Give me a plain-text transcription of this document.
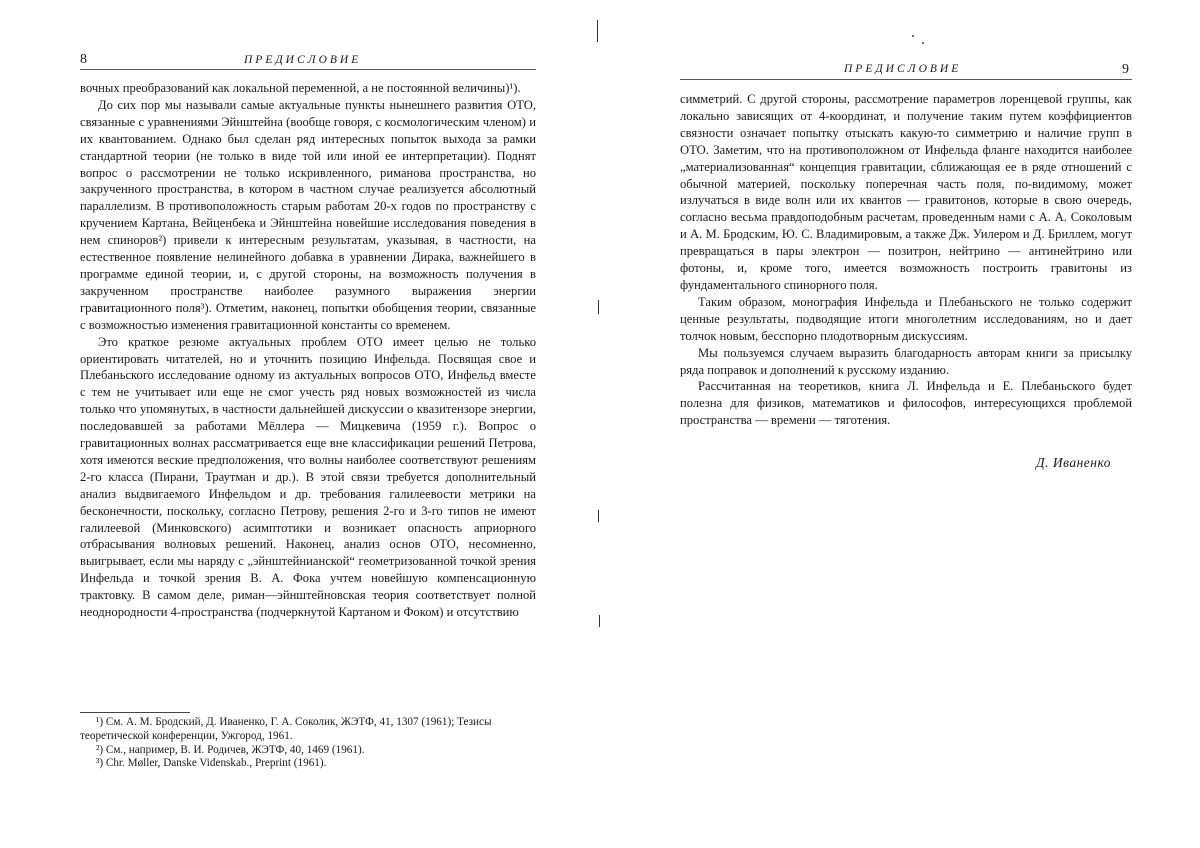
8	ПРЕДИСЛОВИЕ

вочных преобразований как локальной переменной, а не постоянной величины)¹).

До сих пор мы называли самые актуальные пункты нынешнего развития ОТО, связанные с уравнениями Эйнштейна (вообще говоря, с космологическим членом) и их квантованием. Однако был сделан ряд интересных попыток выхода за рамки стандартной теории (не только в виде той или иной ее интерпретации). Поднят вопрос о рассмотрении не только искривленного, риманова пространства, но закрученного пространства, в котором в частном случае реализуется абсолютный параллелизм. В противоположность старым работам 20-х годов по пространству с кручением Картана, Вейценбека и Эйнштейна новейшие исследования поведения в нем спиноров²) привели к интересным результатам, указывая, в частности, на естественное появление нелинейного добавка в уравнении Дирака, важнейшего в программе единой теории, и, с другой стороны, на возможность получения в закрученном пространстве наиболее разумного выражения энергии гравитационного поля³). Отметим, наконец, попытки обобщения теории, связанные с возможностью изменения гравитационной константы со временем.

Это краткое резюме актуальных проблем ОТО имеет целью не только ориентировать читателей, но и уточнить позицию Инфельда. Посвящая свое и Плебаньского исследование одному из актуальных вопросов ОТО, Инфельд вместе с тем не учитывает или еще не смог учесть ряд новых возможностей из числа только что упомянутых, в частности дальнейшей дискуссии о квазитензоре энергии, последовавшей за работами Мёллера — Мицкевича (1959 г.). Вопрос о гравитационных волнах рассматривается еще вне классификации решений Петрова, хотя имеются веские предположения, что волны наиболее соответствуют решениям 2-го класса (Пирани, Траутман и др.). В этой связи требуется дополнительный анализ выдвигаемого Инфельдом и др. требования галилеевости метрики на бесконечности, поскольку, согласно Петрову, решения 2-го и 3-го типов не имеют галилеевой (Минковского) асимптотики и возникает опасность априорного отбрасывания волновых решений. Наконец, анализ основ ОТО, несомненно, выигрывает, если мы наряду с „эйнштейнианской“ геометризованной точкой зрения Инфельда и точкой зрения В. А. Фока учтем новейшую компенсационную трактовку. В самом деле, риман—эйнштейновская теория соответствует полной неоднородности 4-пространства (подчеркнутой Картаном и Фоком) и отсутствию

¹) См. А. М. Бродский, Д. Иваненко, Г. А. Соколик, ЖЭТФ, 41, 1307 (1961); Тезисы теоретической конференции, Ужгород, 1961.

²) См., например, В. И. Родичев, ЖЭТФ, 40, 1469 (1961).

³) Chr. Møller, Danske Videnskab., Preprint (1961).

ПРЕДИСЛОВИЕ	9

симметрий. С другой стороны, рассмотрение параметров лоренцевой группы, как локально зависящих от 4-координат, и получение таким путем коэффициентов связности означает попытку отыскать какую-то симметрию и наличие групп в ОТО. Заметим, что на противоположном от Инфельда фланге находится наиболее „материализованная“ концепция гравитации, сближающая ее в ряде отношений с обычной материей, поскольку поперечная часть поля, по-видимому, может излучаться в виде волн или их квантов — гравитонов, которые в свою очередь, согласно весьма правдоподобным расчетам, проведенным нами с А. А. Соколовым и А. М. Бродским, Ю. С. Владимировым, а также Дж. Уилером и Д. Бриллем, могут превращаться в пары электрон — позитрон, нейтрино — антинейтрино или фотоны, и, кроме того, имеется возможность построить гравитоны из фундаментального спинорного поля.

Таким образом, монография Инфельда и Плебаньского не только содержит ценные результаты, подводящие итоги многолетним исследованиям, но и дает толчок новым, бесспорно плодотворным дискуссиям.

Мы пользуемся случаем выразить благодарность авторам книги за присылку ряда поправок и дополнений к русскому изданию.

Рассчитанная на теоретиков, книга Л. Инфельда и Е. Плебаньского будет полезна для физиков, математиков и философов, интересующихся проблемой пространства — времени — тяготения.

Д. Иваненко
